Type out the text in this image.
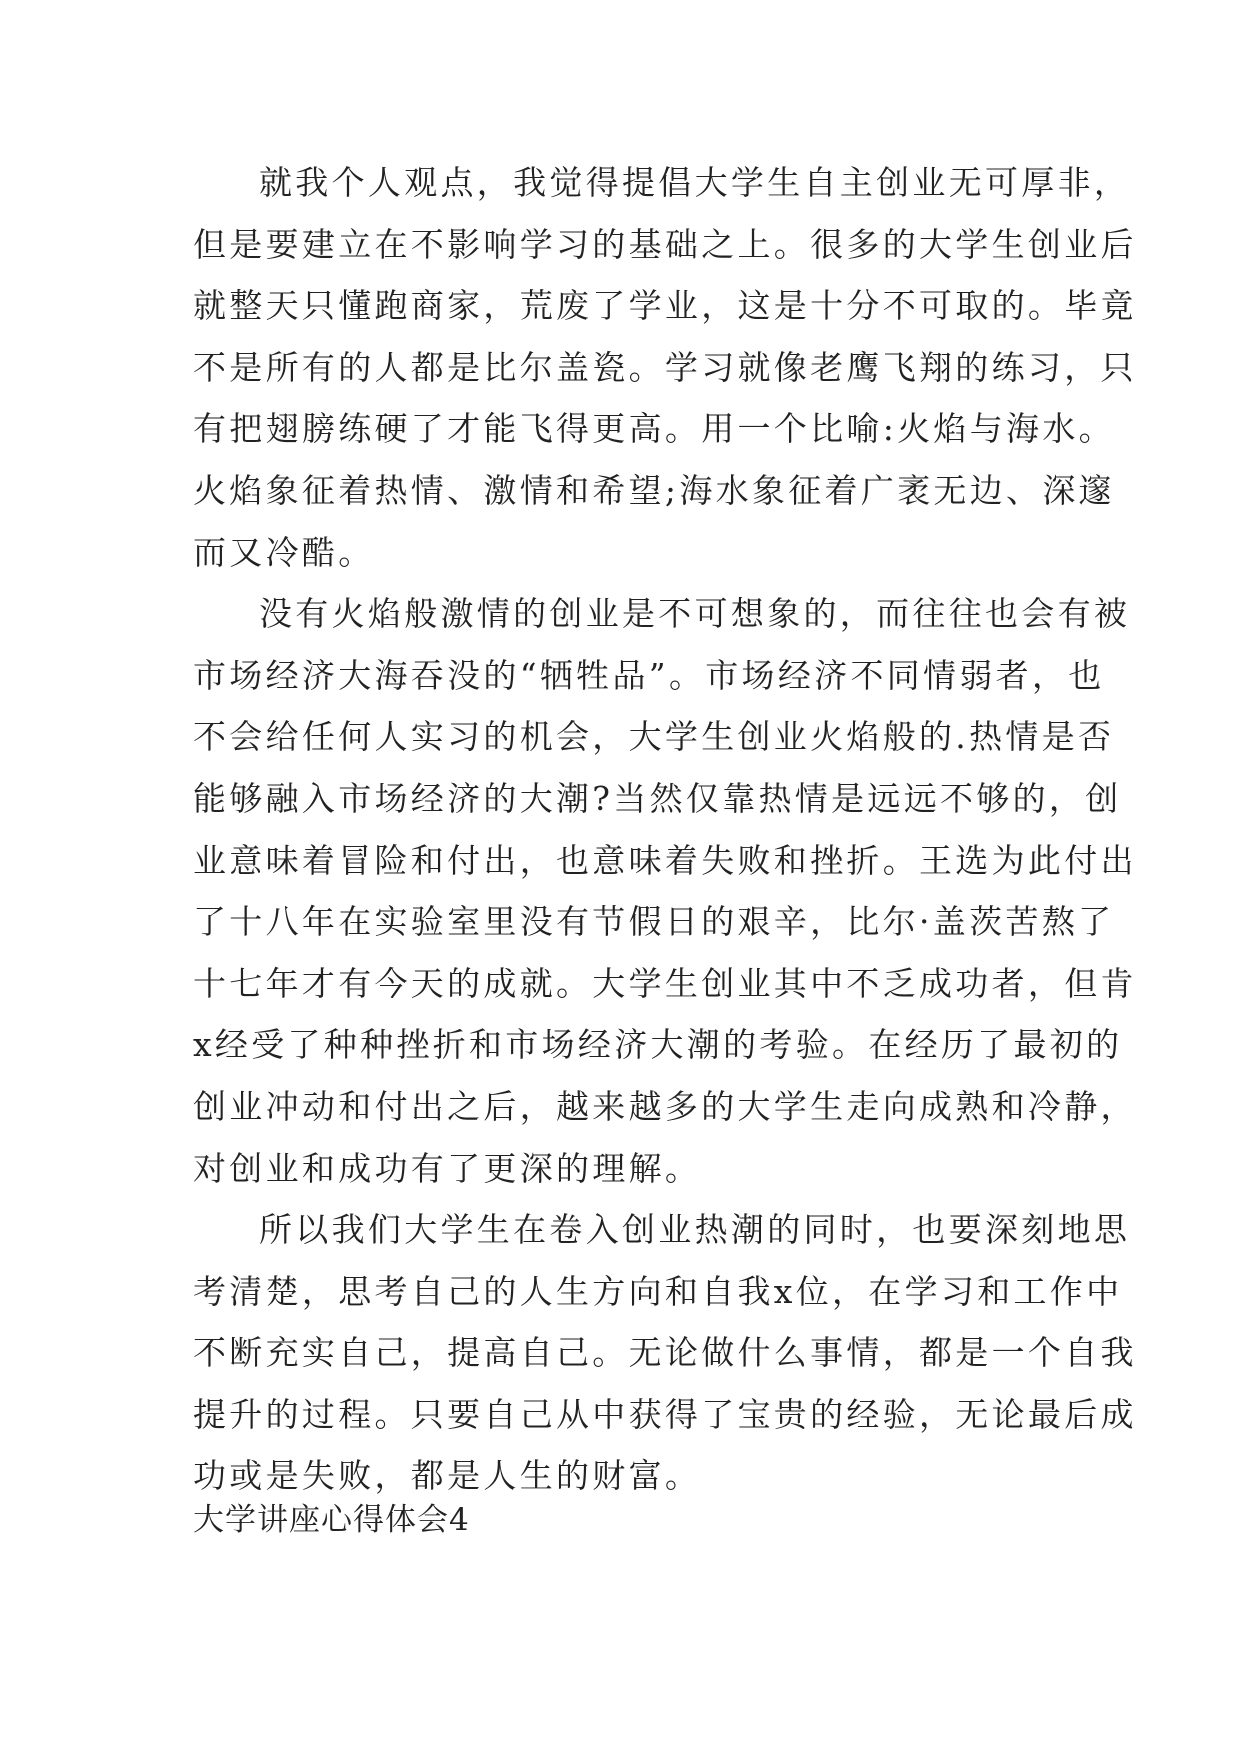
就我个人观点，我觉得提倡大学生自主创业无可厚非，
但是要建立在不影响学习的基础之上。很多的大学生创业后
就整天只懂跑商家，荒废了学业，这是十分不可取的。毕竟
不是所有的人都是比尔盖瓷。学习就像老鹰飞翔的练习，只
有把翅膀练硬了才能飞得更高。用一个比喻:火焰与海水。
火焰象征着热情、激情和希望;海水象征着广袤无边、深邃
而又冷酷。
没有火焰般激情的创业是不可想象的，而往往也会有被
市场经济大海吞没的“牺牲品”。市场经济不同情弱者，也
不会给任何人实习的机会，大学生创业火焰般的.热情是否
能够融入市场经济的大潮?当然仅靠热情是远远不够的，创
业意味着冒险和付出，也意味着失败和挫折。王选为此付出
了十八年在实验室里没有节假日的艰辛，比尔·盖茨苦熬了
十七年才有今天的成就。大学生创业其中不乏成功者，但肯
x经受了种种挫折和市场经济大潮的考验。在经历了最初的
创业冲动和付出之后，越来越多的大学生走向成熟和冷静，
对创业和成功有了更深的理解。
所以我们大学生在卷入创业热潮的同时，也要深刻地思
考清楚，思考自己的人生方向和自我x位，在学习和工作中
不断充实自己，提高自己。无论做什么事情，都是一个自我
提升的过程。只要自己从中获得了宝贵的经验，无论最后成
功或是失败，都是人生的财富。
大学讲座心得体会4
